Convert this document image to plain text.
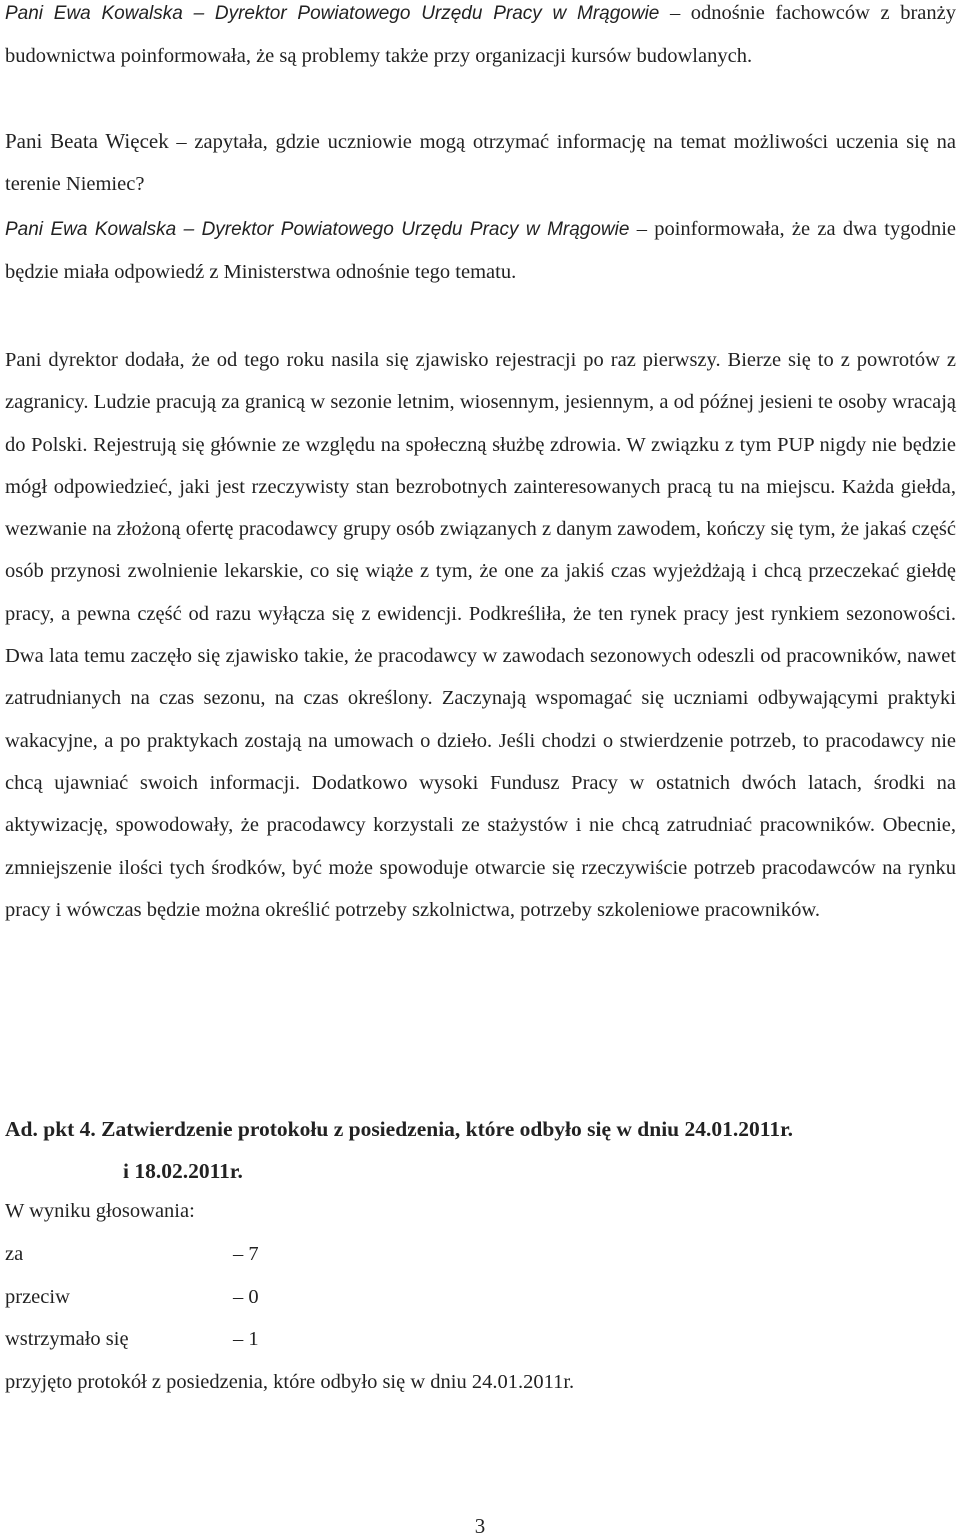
Pani Ewa Kowalska – Dyrektor Powiatowego Urzędu Pracy w Mrągowie – odnośnie fachowców z branży budownictwa poinformowała, że są problemy także przy organizacji kursów budowlanych.

Pani Beata Więcek – zapytała, gdzie uczniowie mogą otrzymać informację na temat możliwości uczenia się na terenie Niemiec?

Pani Ewa Kowalska – Dyrektor Powiatowego Urzędu Pracy w Mrągowie – poinformowała, że za dwa tygodnie będzie miała odpowiedź z Ministerstwa odnośnie tego tematu.

Pani dyrektor dodała, że od tego roku nasila się zjawisko rejestracji po raz pierwszy. Bierze się to z powrotów z zagranicy. Ludzie pracują za granicą w sezonie letnim, wiosennym, jesiennym, a od późnej jesieni te osoby wracają do Polski. Rejestrują się głównie ze względu na społeczną służbę zdrowia. W związku z tym PUP nigdy nie będzie mógł odpowiedzieć, jaki jest rzeczywisty stan bezrobotnych zainteresowanych pracą tu na miejscu. Każda giełda, wezwanie na złożoną ofertę pracodawcy grupy osób związanych z danym zawodem, kończy się tym, że jakaś część osób przynosi zwolnienie lekarskie, co się wiąże z tym, że one za jakiś czas wyjeżdżają i chcą przeczekać giełdę pracy, a pewna część od razu wyłącza się z ewidencji. Podkreśliła, że ten rynek pracy jest rynkiem sezonowości. Dwa lata temu zaczęło się zjawisko takie, że pracodawcy w zawodach sezonowych odeszli od pracowników, nawet zatrudnianych na czas sezonu, na czas określony. Zaczynają wspomagać się uczniami odbywającymi praktyki wakacyjne, a po praktykach zostają na umowach o dzieło. Jeśli chodzi o stwierdzenie potrzeb, to pracodawcy nie chcą ujawniać swoich informacji. Dodatkowo wysoki Fundusz Pracy w ostatnich dwóch latach, środki na aktywizację, spowodowały, że pracodawcy korzystali ze stażystów i nie chcą zatrudniać pracowników. Obecnie, zmniejszenie ilości tych środków, być może spowoduje otwarcie się rzeczywiście potrzeb pracodawców na rynku pracy i wówczas będzie można określić potrzeby szkolnictwa, potrzeby szkoleniowe pracowników.

Ad. pkt 4. Zatwierdzenie protokołu z posiedzenia, które odbyło się w dniu 24.01.2011r.
i 18.02.2011r.

W wyniku głosowania:

za	– 7
przeciw	– 0
wstrzymało się	– 1

przyjęto protokół z posiedzenia, które odbyło się w dniu 24.01.2011r.

3
